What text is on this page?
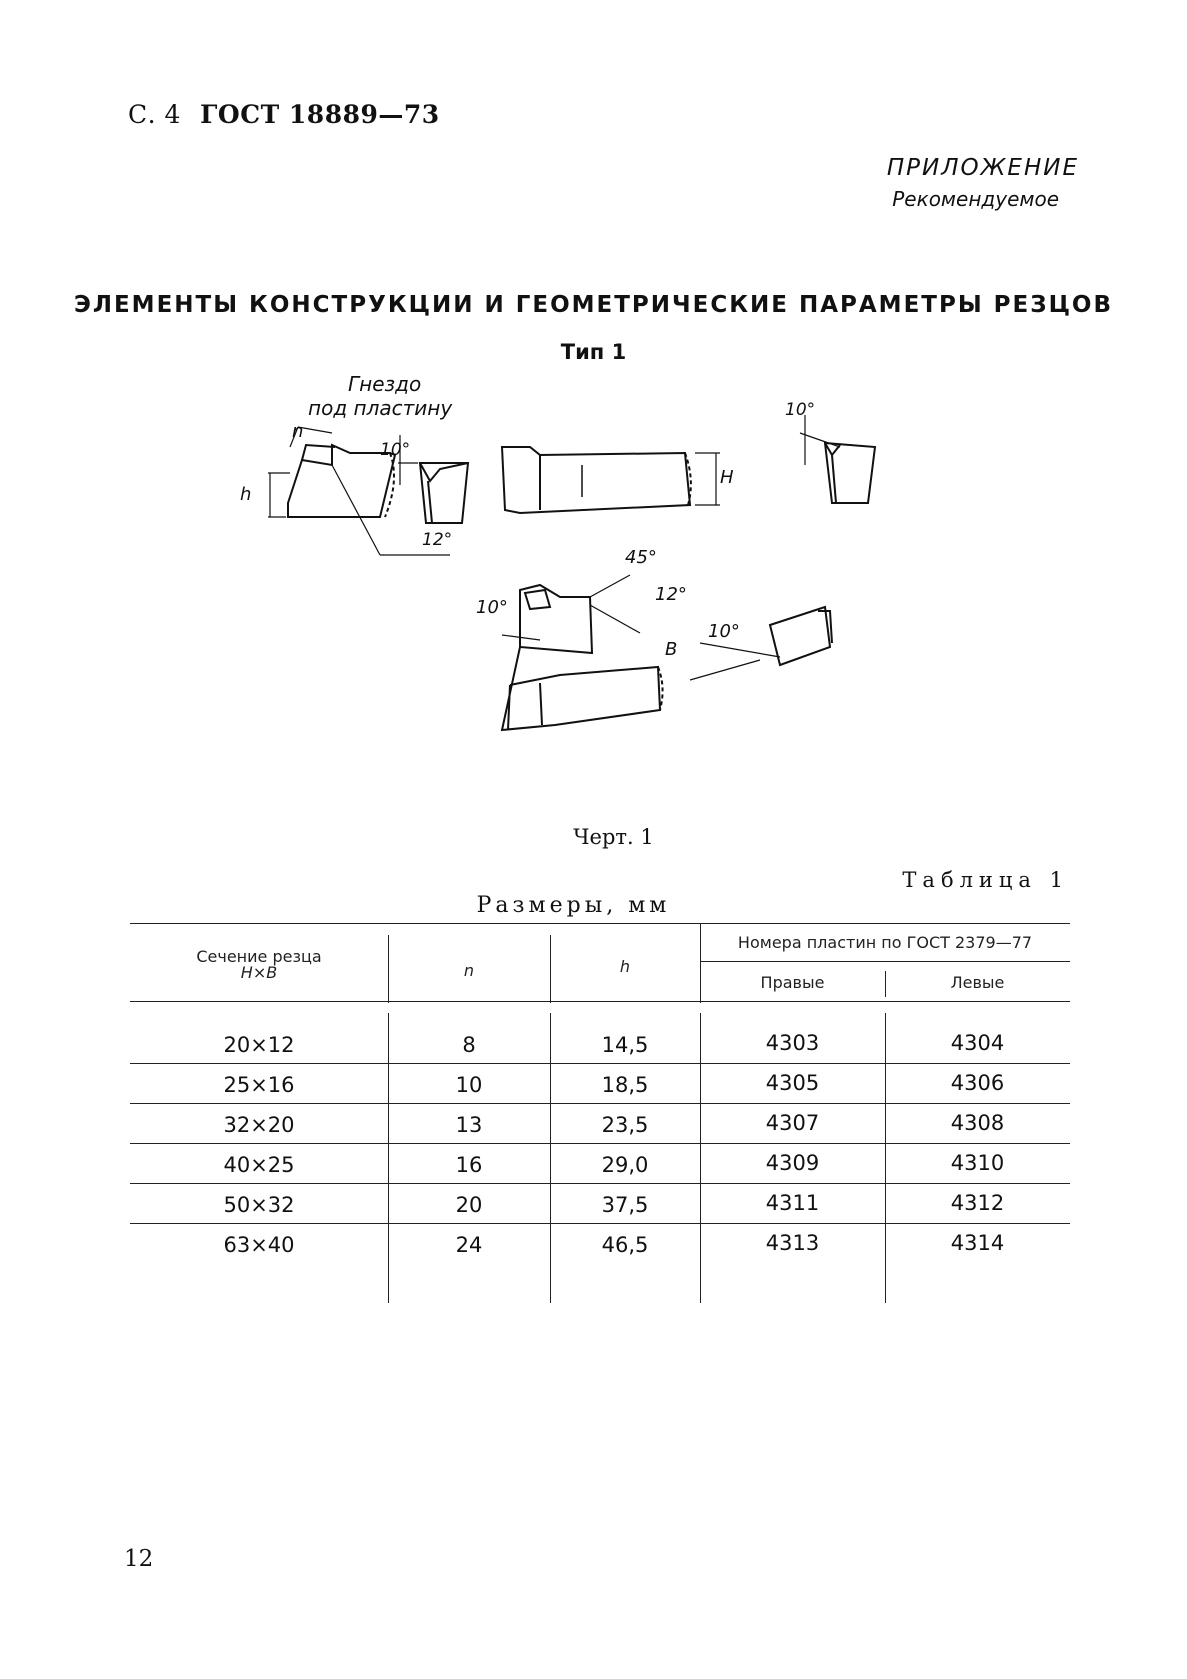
С. 4 ГОСТ 18889—73
ПРИЛОЖЕНИЕ
Рекомендуемое
ЭЛЕМЕНТЫ КОНСТРУКЦИИ И ГЕОМЕТРИЧЕСКИЕ ПАРАМЕТРЫ РЕЗЦОВ
Тип 1
Гнездо
под пластину
n
h
10°
12°
H
10°
45°
12°
10°
10°
B
Черт. 1
Таблица 1
Размеры, мм
Сечение резца
H×B	n	h
Номера пластин по ГОСТ 2379—77
Правые	Левые
20×12	8	14,5	4303	4304
25×16	10	18,5	4305	4306
32×20	13	23,5	4307	4308
40×25	16	29,0	4309	4310
50×32	20	37,5	4311	4312
63×40	24	46,5	4313	4314
12
